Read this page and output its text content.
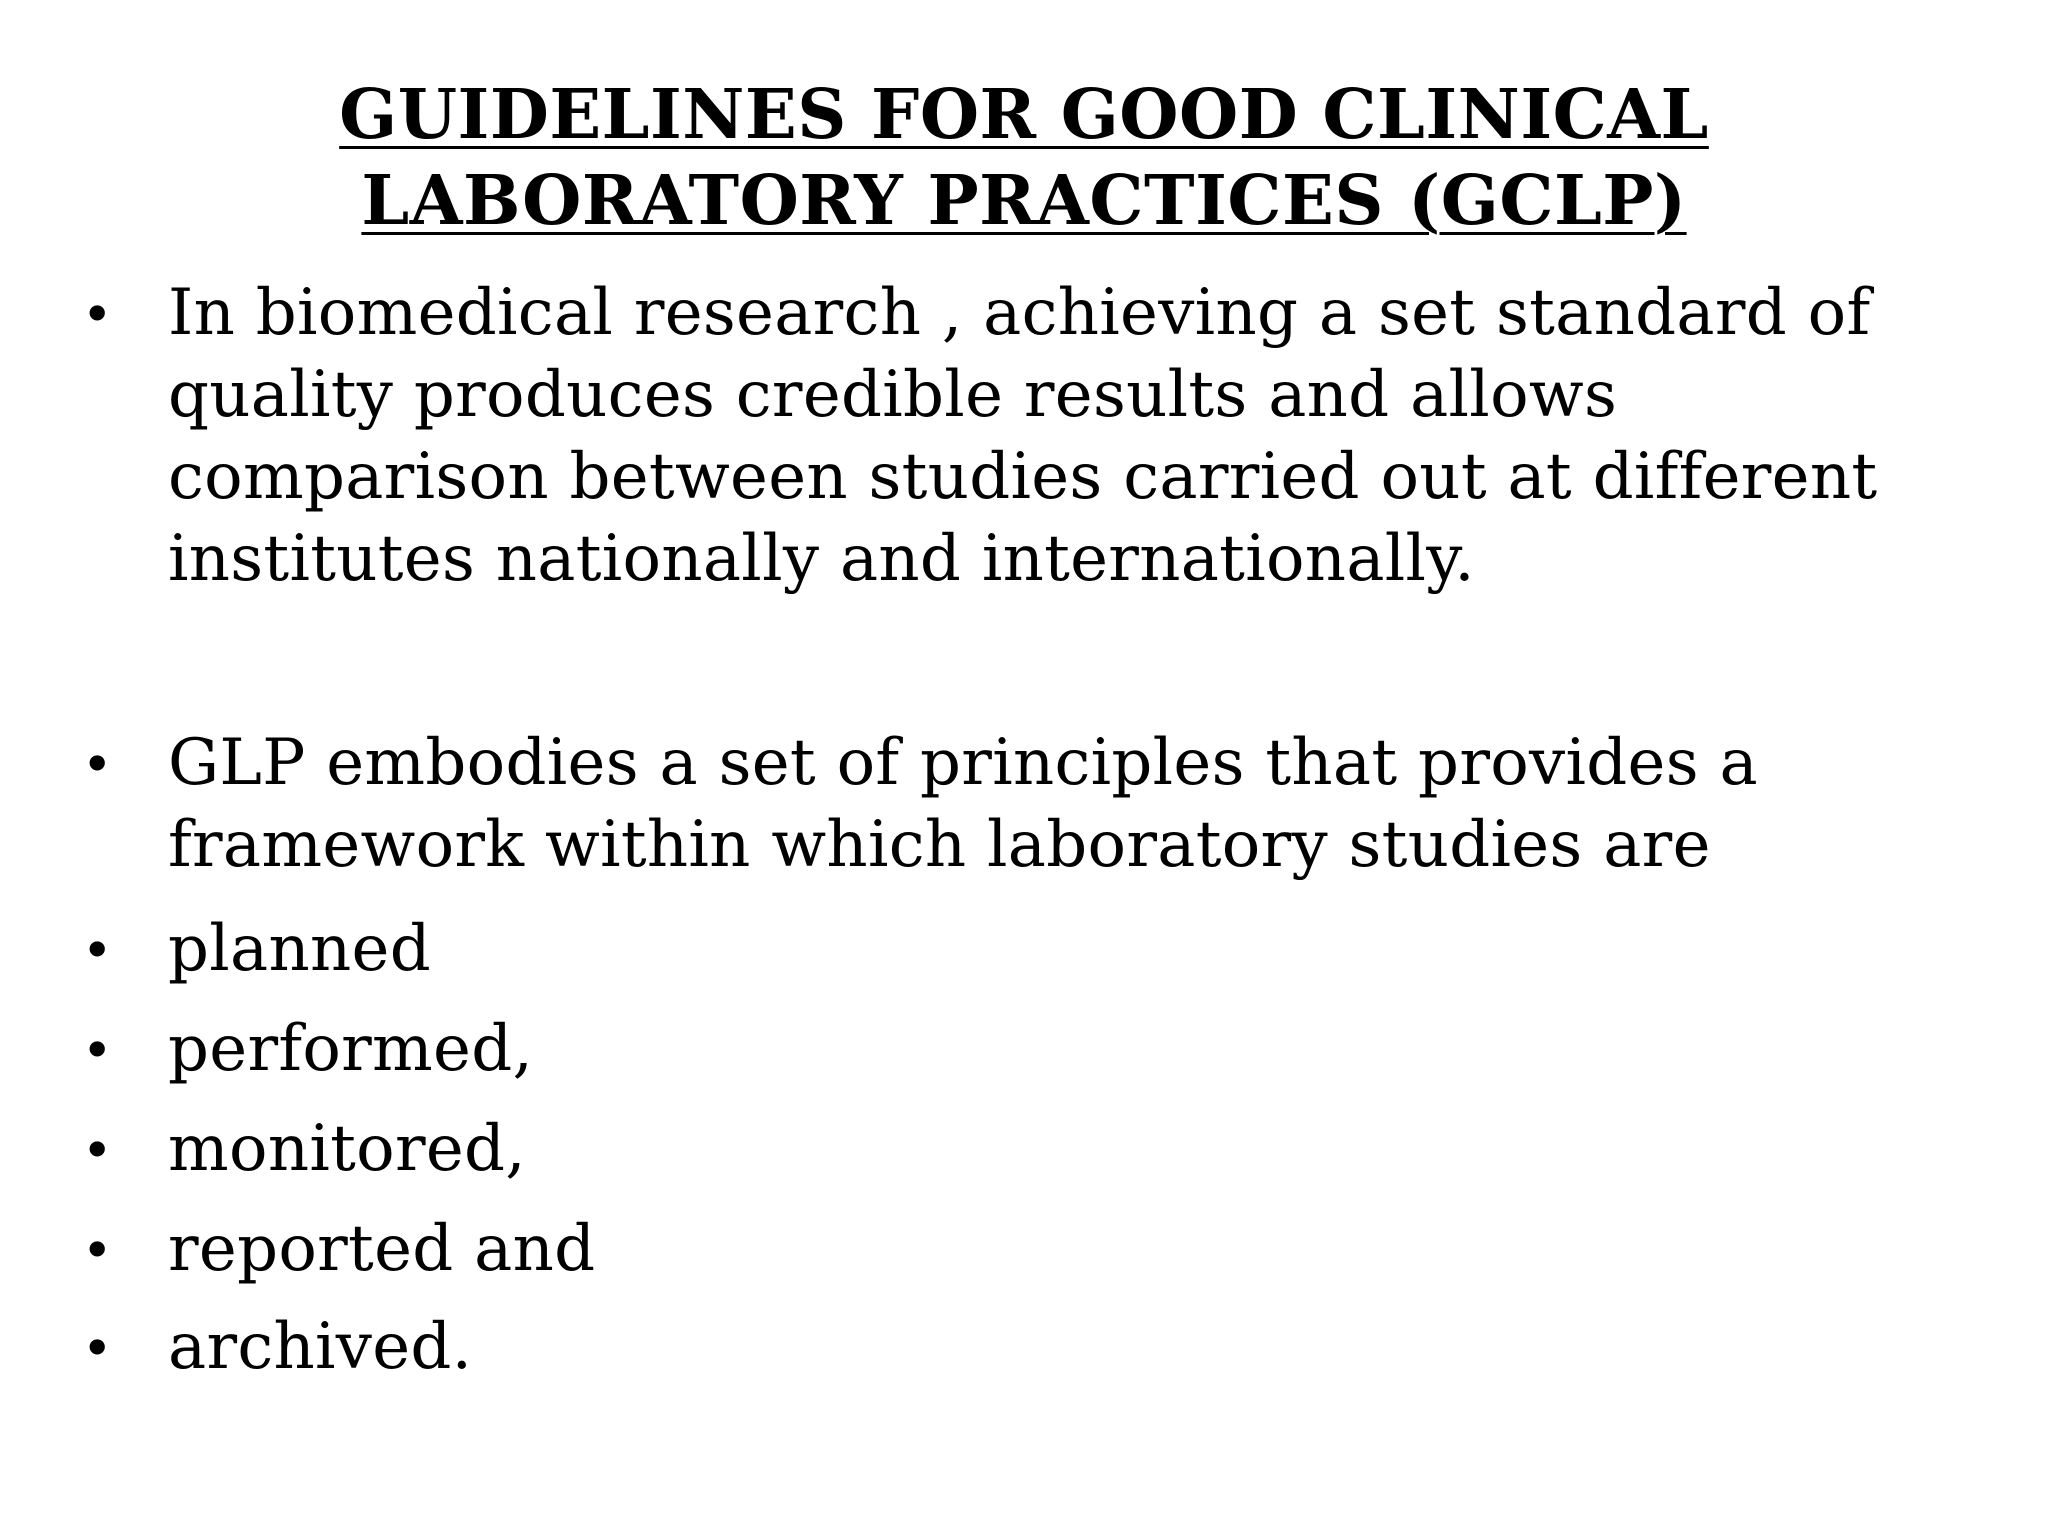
GUIDELINES FOR GOOD CLINICAL
LABORATORY PRACTICES (GCLP)
• In biomedical research , achieving a set standard of
quality produces credible results and allows
comparison between studies carried out at different
institutes nationally and internationally.
• GLP embodies a set of principles that provides a
framework within which laboratory studies are
• planned
• performed,
• monitored,
• reported and
• archived.
